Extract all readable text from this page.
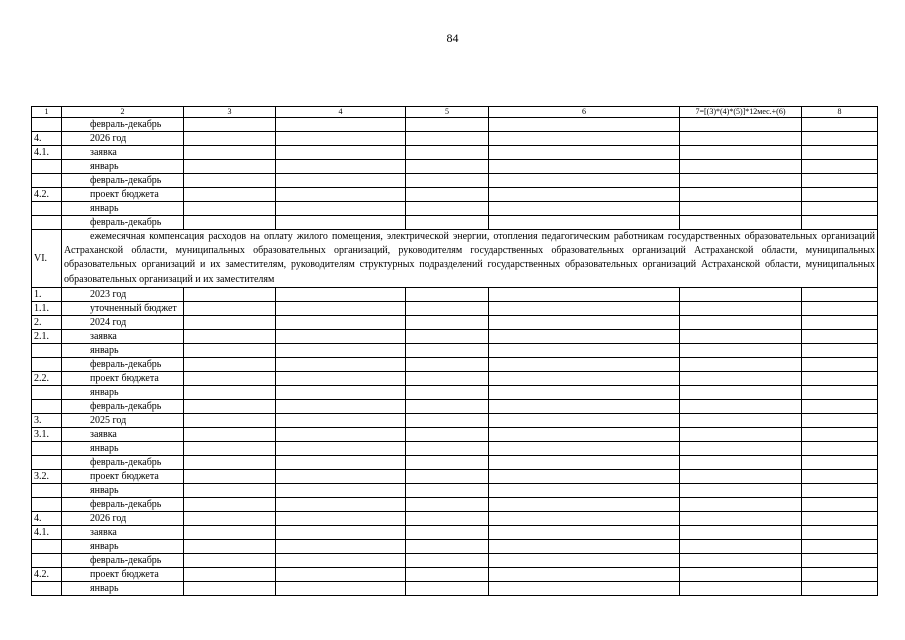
84
1	2	3	4	5	6	7=[(3)*(4)*(5)]*12мес.+(6)	8
	февраль-декабрь						
4.	2026 год						
4.1.	заявка						
	январь						
	февраль-декабрь						
4.2.	проект бюджета						
	январь						
	февраль-декабрь						
VI.	ежемесячная компенсация расходов на оплату жилого помещения, электрической энергии, отопления педагогическим работникам государственных образовательных организаций Астраханской области, муниципальных образовательных организаций, руководителям государственных образовательных организаций Астраханской области, муниципальных образовательных организаций и их заместителям, руководителям структурных подразделений государственных образовательных организаций Астраханской области, муниципальных образовательных организаций и их заместителям						
1.	2023 год						
1.1.	уточненный бюджет						
2.	2024 год						
2.1.	заявка						
	январь						
	февраль-декабрь						
2.2.	проект бюджета						
	январь						
	февраль-декабрь						
3.	2025 год						
3.1.	заявка						
	январь						
	февраль-декабрь						
3.2.	проект бюджета						
	январь						
	февраль-декабрь						
4.	2026 год						
4.1.	заявка						
	январь						
	февраль-декабрь						
4.2.	проект бюджета						
	январь						
